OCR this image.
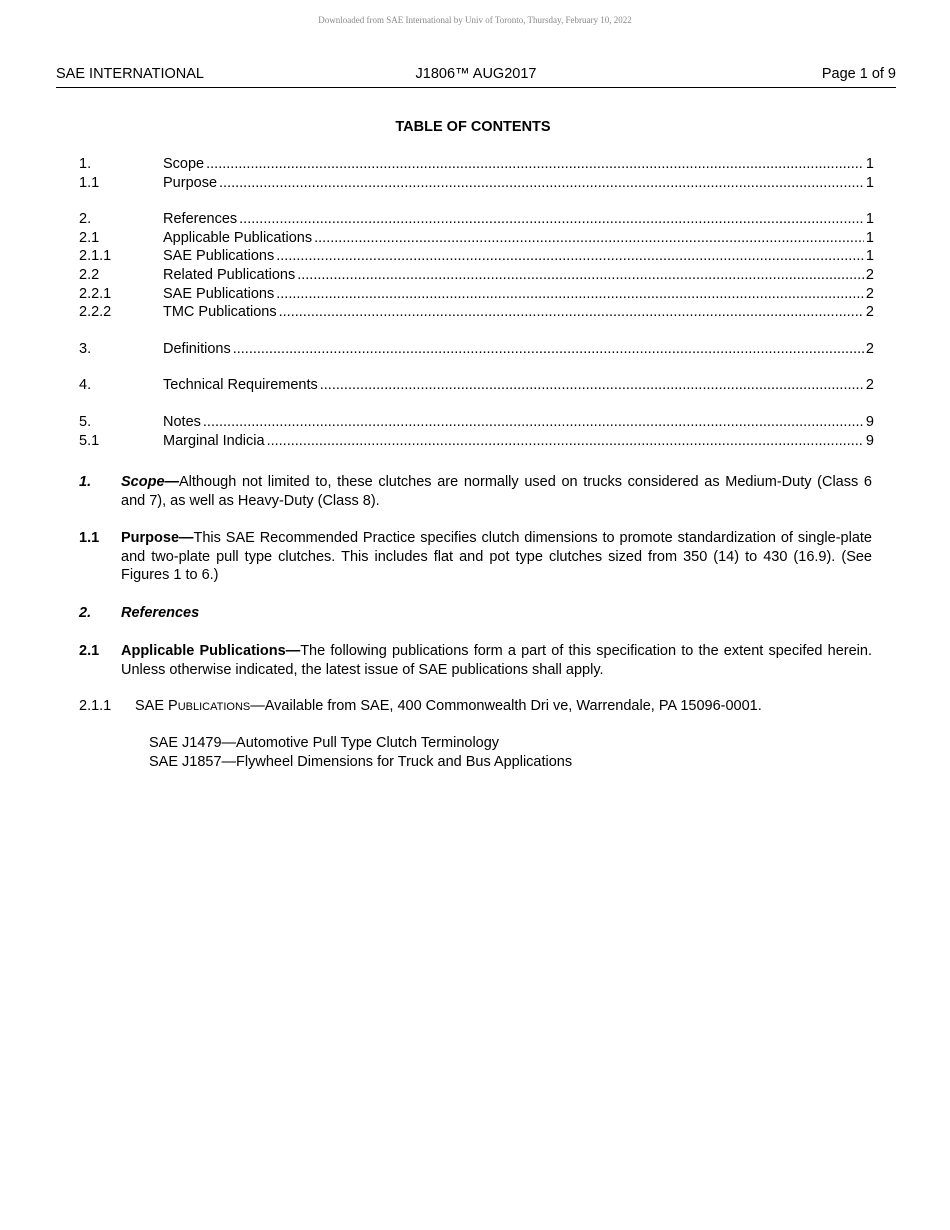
Downloaded from SAE International by Univ of Toronto, Thursday, February 10, 2022
SAE INTERNATIONAL	J1806™ AUG2017	Page 1 of 9
TABLE OF CONTENTS
1.	Scope .....	1
1.1	Purpose .....	1
2.	References .....	1
2.1	Applicable Publications .....	1
2.1.1	SAE Publications .....	1
2.2	Related Publications .....	2
2.2.1	SAE Publications .....	2
2.2.2	TMC Publications .....	2
3.	Definitions .....	2
4.	Technical Requirements .....	2
5.	Notes .....	9
5.1	Marginal Indicia .....	9
1. Scope—Although not limited to, these clutches are normally used on trucks considered as Medium-Duty (Class 6 and 7), as well as Heavy-Duty (Class 8).
1.1 Purpose—This SAE Recommended Practice specifies clutch dimensions to promote standardization of single-plate and two-plate pull type clutches. This includes flat and pot type clutches sized from 350 (14) to 430 (16.9). (See Figures 1 to 6.)
2. References
2.1 Applicable Publications—The following publications form a part of this specification to the extent specifed herein. Unless otherwise indicated, the latest issue of SAE publications shall apply.
2.1.1 SAE PUBLICATIONS—Available from SAE, 400 Commonwealth Dri ve, Warrendale, PA 15096-0001.
SAE J1479—Automotive Pull Type Clutch Terminology
SAE J1857—Flywheel Dimensions for Truck and Bus Applications
